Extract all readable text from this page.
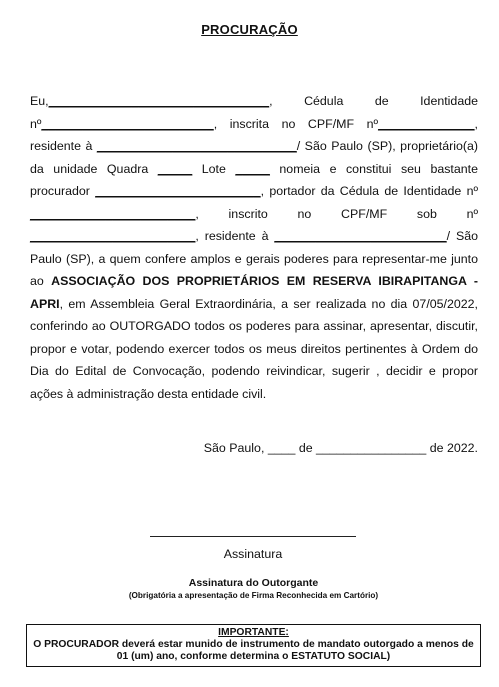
PROCURAÇÃO

Eu,________________________________, Cédula de Identidade nº_________________________, inscrita no CPF/MF nº______________, residente à _____________________________/ São Paulo (SP), proprietário(a) da unidade Quadra _____ Lote _____ nomeia e constitui seu bastante procurador ________________________, portador da Cédula de Identidade nº ________________________, inscrito no CPF/MF sob nº ________________________, residente à _________________________/ São Paulo (SP), a quem confere amplos e gerais poderes para representar-me junto ao ASSOCIAÇÃO DOS PROPRIETÁRIOS EM RESERVA IBIRAPITANGA - APRI, em Assembleia Geral Extraordinária, a ser realizada no dia 07/05/2022, conferindo ao OUTORGADO todos os poderes para assinar, apresentar, discutir, propor e votar, podendo exercer todos os meus direitos pertinentes à Ordem do Dia do Edital de Convocação, podendo reivindicar, sugerir , decidir e propor ações à administração desta entidade civil.

São Paulo, ____ de ________________ de 2022.
Assinatura
Assinatura do Outorgante
(Obrigatória a apresentação de Firma Reconhecida em Cartório)
IMPORTANTE:
O PROCURADOR deverá estar munido de instrumento de mandato outorgado a menos de 01 (um) ano, conforme determina o ESTATUTO SOCIAL)
